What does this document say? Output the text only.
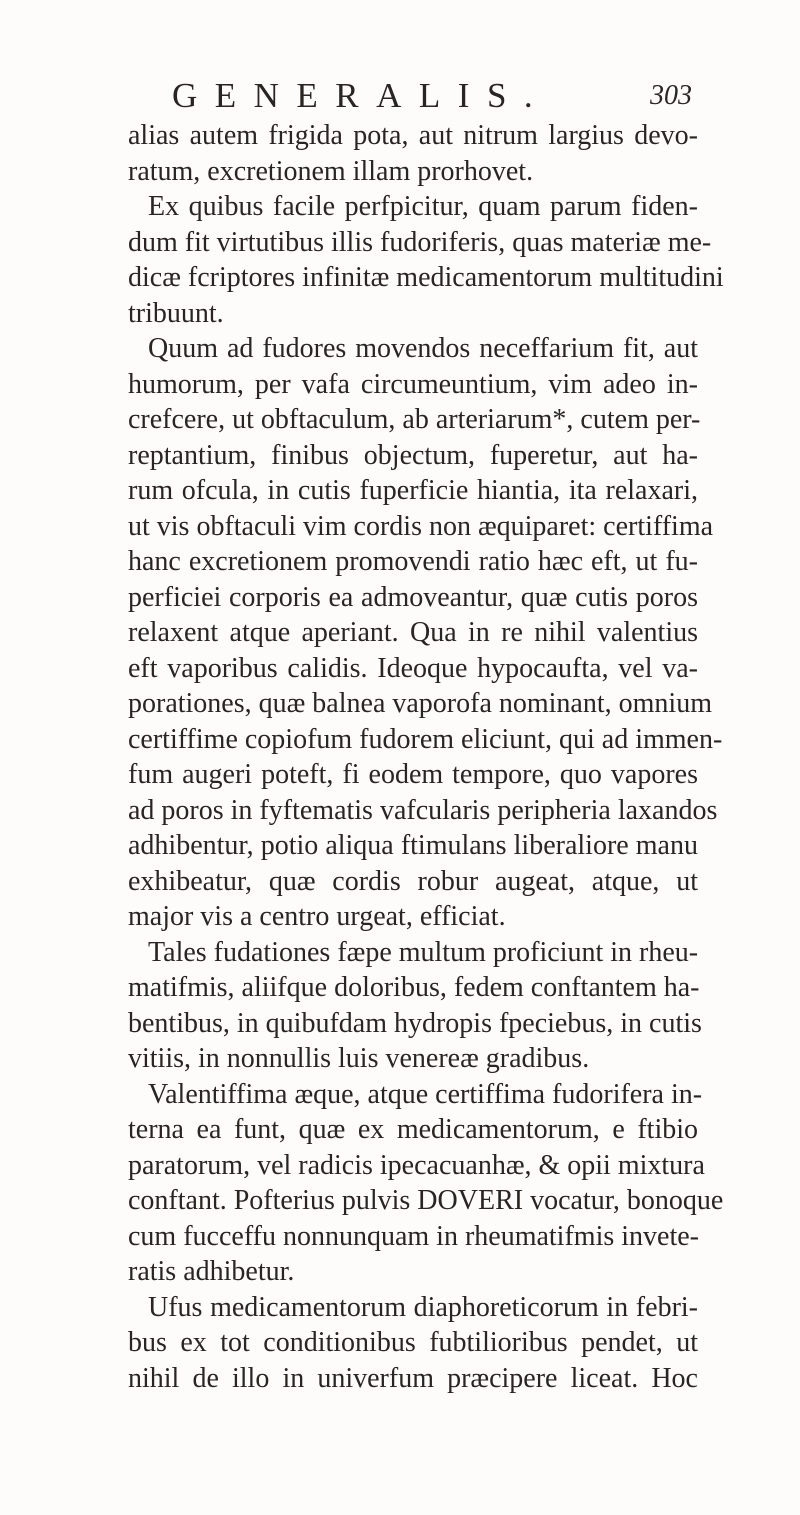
GENERALIS.	303
alias autem frigida pota, aut nitrum largius devo-
ratum, excretionem illam prorhovet.
Ex quibus facile perfpicitur, quam parum fiden-
dum fit virtutibus illis fudoriferis, quas materiæ me-
dicæ fcriptores infinitæ medicamentorum multitudini
tribuunt.
Quum ad fudores movendos neceffarium fit, aut
humorum, per vafa circumeuntium, vim adeo in-
crefcere, ut obftaculum, ab arteriarum*, cutem per-
reptantium, finibus objectum, fuperetur, aut ha-
rum ofcula, in cutis fuperficie hiantia, ita relaxari,
ut vis obftaculi vim cordis non æquiparet: certiffima
hanc excretionem promovendi ratio hæc eft, ut fu-
perficiei corporis ea admoveantur, quæ cutis poros
relaxent atque aperiant. Qua in re nihil valentius
eft vaporibus calidis. Ideoque hypocaufta, vel va-
porationes, quæ balnea vaporofa nominant, omnium
certiffime copiofum fudorem eliciunt, qui ad immen-
fum augeri poteft, fi eodem tempore, quo vapores
ad poros in fyftematis vafcularis peripheria laxandos
adhibentur, potio aliqua ftimulans liberaliore manu
exhibeatur, quæ cordis robur augeat, atque, ut
major vis a centro urgeat, efficiat.
Tales fudationes fæpe multum proficiunt in rheu-
matifmis, aliifque doloribus, fedem conftantem ha-
bentibus, in quibufdam hydropis fpeciebus, in cutis
vitiis, in nonnullis luis venereæ gradibus.
Valentiffima æque, atque certiffima fudorifera in-
terna ea funt, quæ ex medicamentorum, e ftibio
paratorum, vel radicis ipecacuanhæ, & opii mixtura
conftant. Pofterius pulvis DOVERI vocatur, bonoque
cum fucceffu nonnunquam in rheumatifmis invete-
ratis adhibetur.
Ufus medicamentorum diaphoreticorum in febri-
bus ex tot conditionibus fubtilioribus pendet, ut
nihil de illo in univerfum præcipere liceat. Hoc
